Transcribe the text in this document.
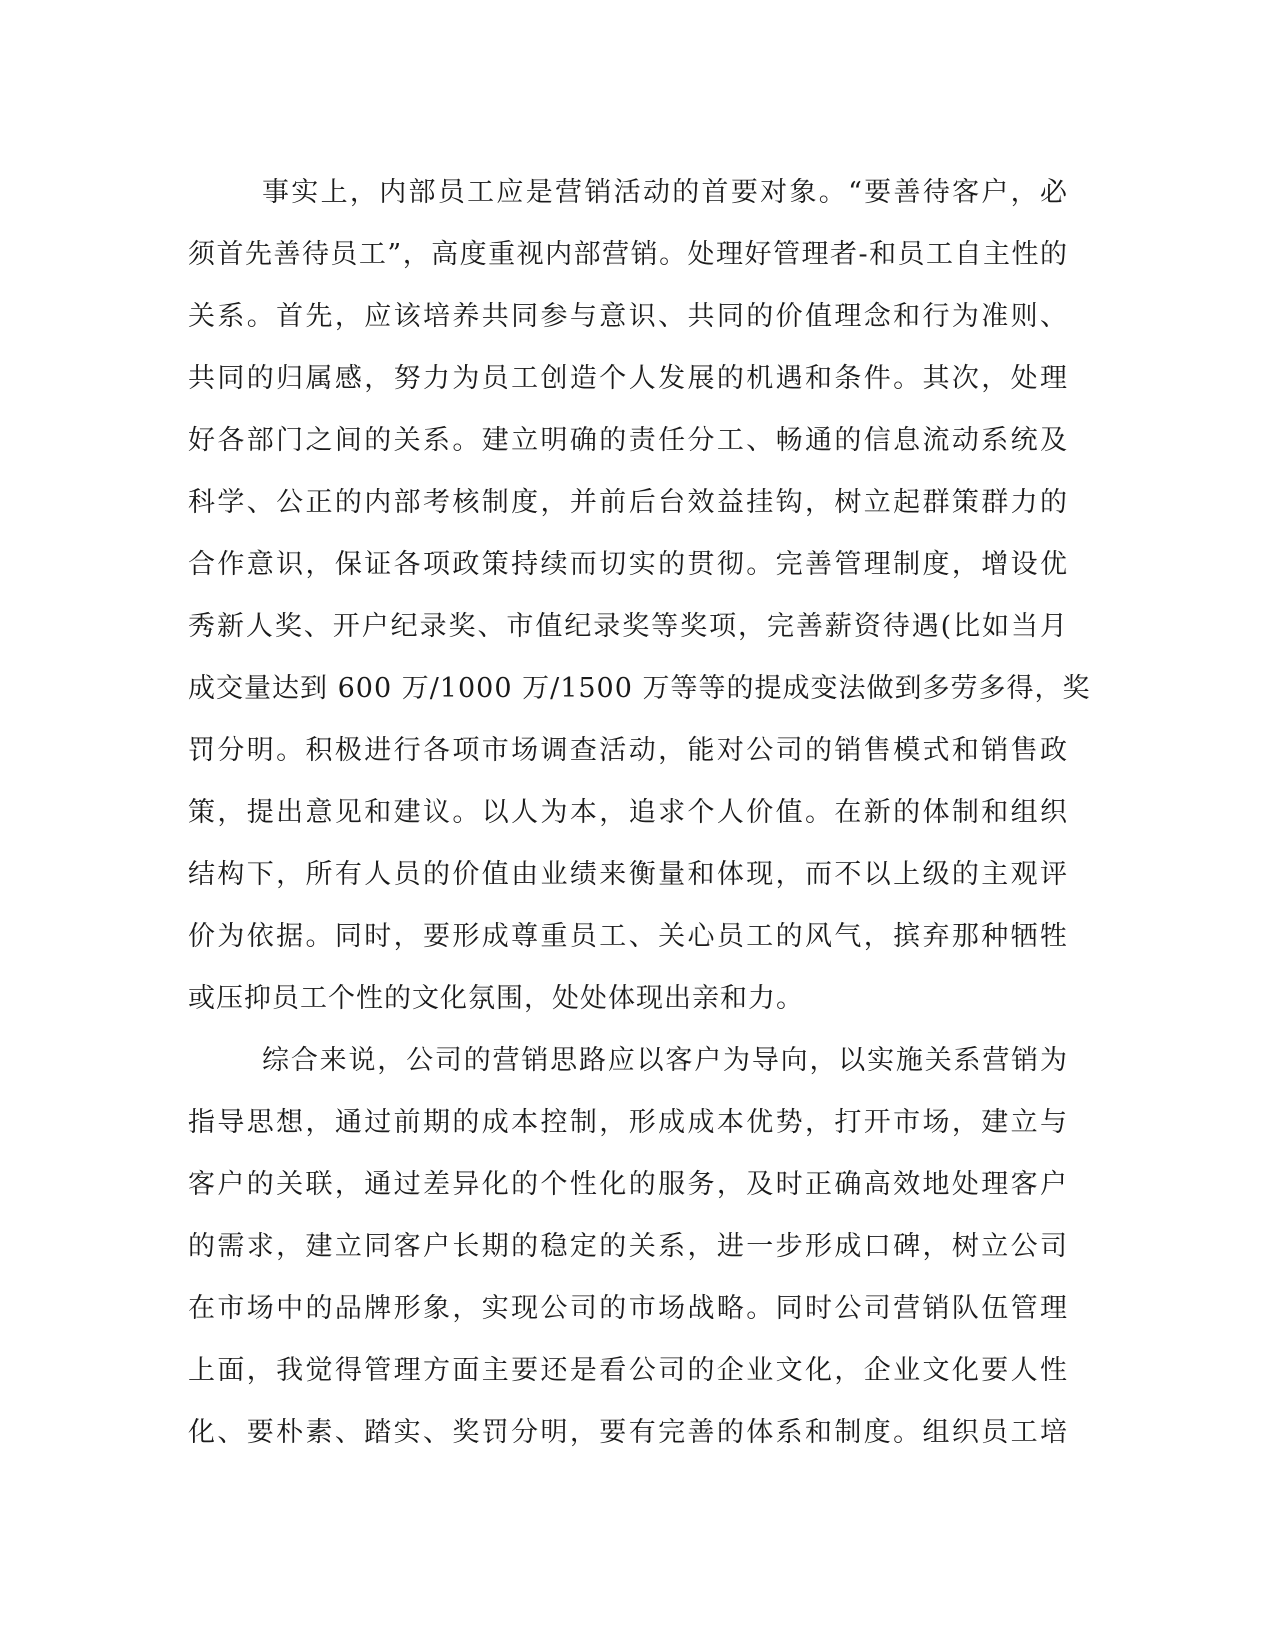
事实上，内部员工应是营销活动的首要对象。“要善待客户，必
须首先善待员工”，高度重视内部营销。处理好管理者-和员工自主性的
关系。首先，应该培养共同参与意识、共同的价值理念和行为准则、
共同的归属感，努力为员工创造个人发展的机遇和条件。其次，处理
好各部门之间的关系。建立明确的责任分工、畅通的信息流动系统及
科学、公正的内部考核制度，并前后台效益挂钩，树立起群策群力的
合作意识，保证各项政策持续而切实的贯彻。完善管理制度，增设优
秀新人奖、开户纪录奖、市值纪录奖等奖项，完善薪资待遇(比如当月
成交量达到 600 万/1000 万/1500 万等等的提成变法做到多劳多得，奖
罚分明。积极进行各项市场调查活动，能对公司的销售模式和销售政
策，提出意见和建议。以人为本，追求个人价值。在新的体制和组织
结构下，所有人员的价值由业绩来衡量和体现，而不以上级的主观评
价为依据。同时，要形成尊重员工、关心员工的风气，摈弃那种牺牲
或压抑员工个性的文化氛围，处处体现出亲和力。
综合来说，公司的营销思路应以客户为导向，以实施关系营销为
指导思想，通过前期的成本控制，形成成本优势，打开市场，建立与
客户的关联，通过差异化的个性化的服务，及时正确高效地处理客户
的需求，建立同客户长期的稳定的关系，进一步形成口碑，树立公司
在市场中的品牌形象，实现公司的市场战略。同时公司营销队伍管理
上面，我觉得管理方面主要还是看公司的企业文化，企业文化要人性
化、要朴素、踏实、奖罚分明，要有完善的体系和制度。组织员工培
